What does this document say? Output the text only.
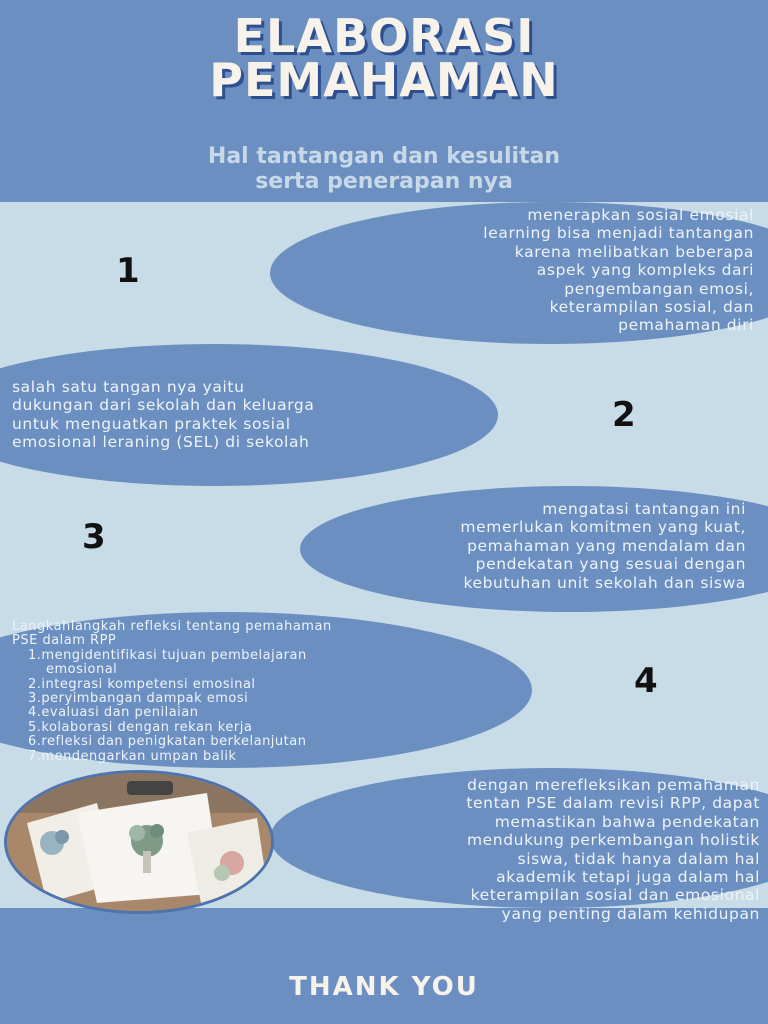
ELABORASI
PEMAHAMAN
Hal tantangan dan kesulitan
serta penerapan nya
1
menerapkan sosial emosial
learning bisa menjadi tantangan
karena melibatkan beberapa
aspek yang kompleks dari
pengembangan emosi,
keterampilan sosial, dan
pemahaman diri
2
salah satu tangan nya yaitu
dukungan dari sekolah dan keluarga
untuk menguatkan praktek sosial
emosional leraning (SEL) di sekolah
3
mengatasi tantangan ini
memerlukan komitmen yang kuat,
pemahaman yang mendalam dan
pendekatan yang sesuai dengan
kebutuhan unit sekolah dan siswa
4
Langkahlangkah refleksi tentang pemahaman
PSE dalam RPP
1.mengidentifikasi tujuan pembelajaran
emosional
2.integrasi kompetensi emosinal
3.peryimbangan dampak emosi
4.evaluasi dan penilaian
5.kolaborasi dengan rekan kerja
6.refleksi dan penigkatan berkelanjutan
7.mendengarkan umpan balik
dengan merefleksikan pemahaman
tentan PSE dalam revisi RPP, dapat
memastikan bahwa pendekatan
mendukung perkembangan holistik
siswa, tidak hanya dalam hal
akademik tetapi juga dalam hal
keterampilan sosial dan emosional
yang penting dalam kehidupan
THANK YOU
